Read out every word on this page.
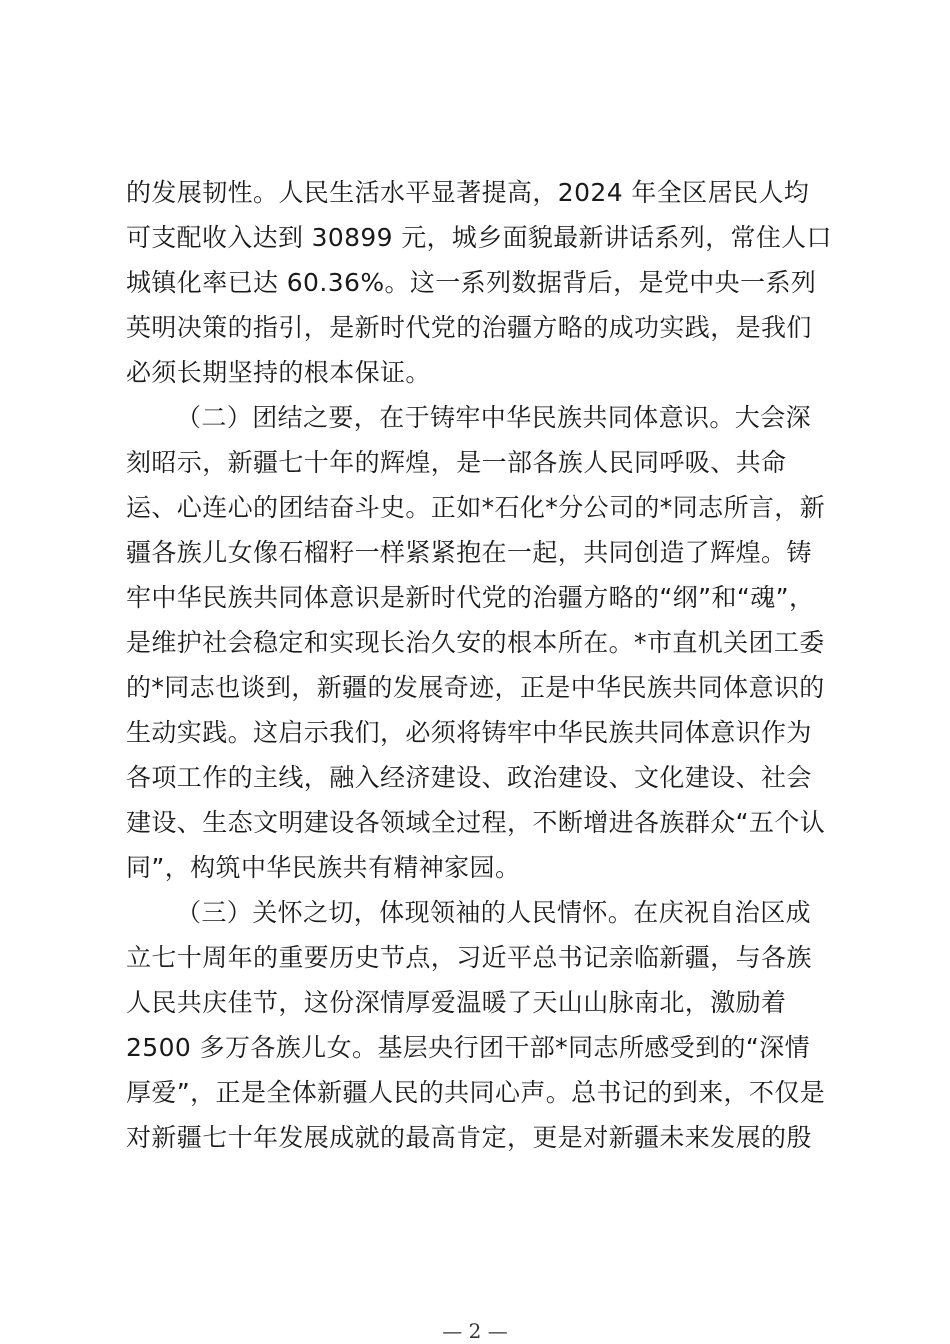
的发展韧性。人民生活水平显著提高，2024 年全区居民人均
可支配收入达到 30899 元，城乡面貌最新讲话系列，常住人口
城镇化率已达 60.36%。这一系列数据背后，是党中央一系列
英明决策的指引，是新时代党的治疆方略的成功实践，是我们
必须长期坚持的根本保证。
（二）团结之要，在于铸牢中华民族共同体意识。大会深
刻昭示，新疆七十年的辉煌，是一部各族人民同呼吸、共命
运、心连心的团结奋斗史。正如*石化*分公司的*同志所言，新
疆各族儿女像石榴籽一样紧紧抱在一起，共同创造了辉煌。铸
牢中华民族共同体意识是新时代党的治疆方略的“纲”和“魂”，
是维护社会稳定和实现长治久安的根本所在。*市直机关团工委
的*同志也谈到，新疆的发展奇迹，正是中华民族共同体意识的
生动实践。这启示我们，必须将铸牢中华民族共同体意识作为
各项工作的主线，融入经济建设、政治建设、文化建设、社会
建设、生态文明建设各领域全过程，不断增进各族群众“五个认
同”，构筑中华民族共有精神家园。
（三）关怀之切，体现领袖的人民情怀。在庆祝自治区成
立七十周年的重要历史节点，习近平总书记亲临新疆，与各族
人民共庆佳节，这份深情厚爱温暖了天山山脉南北，激励着
2500 多万各族儿女。基层央行团干部*同志所感受到的“深情
厚爱”，正是全体新疆人民的共同心声。总书记的到来，不仅是
对新疆七十年发展成就的最高肯定，更是对新疆未来发展的殷
— 2 —
